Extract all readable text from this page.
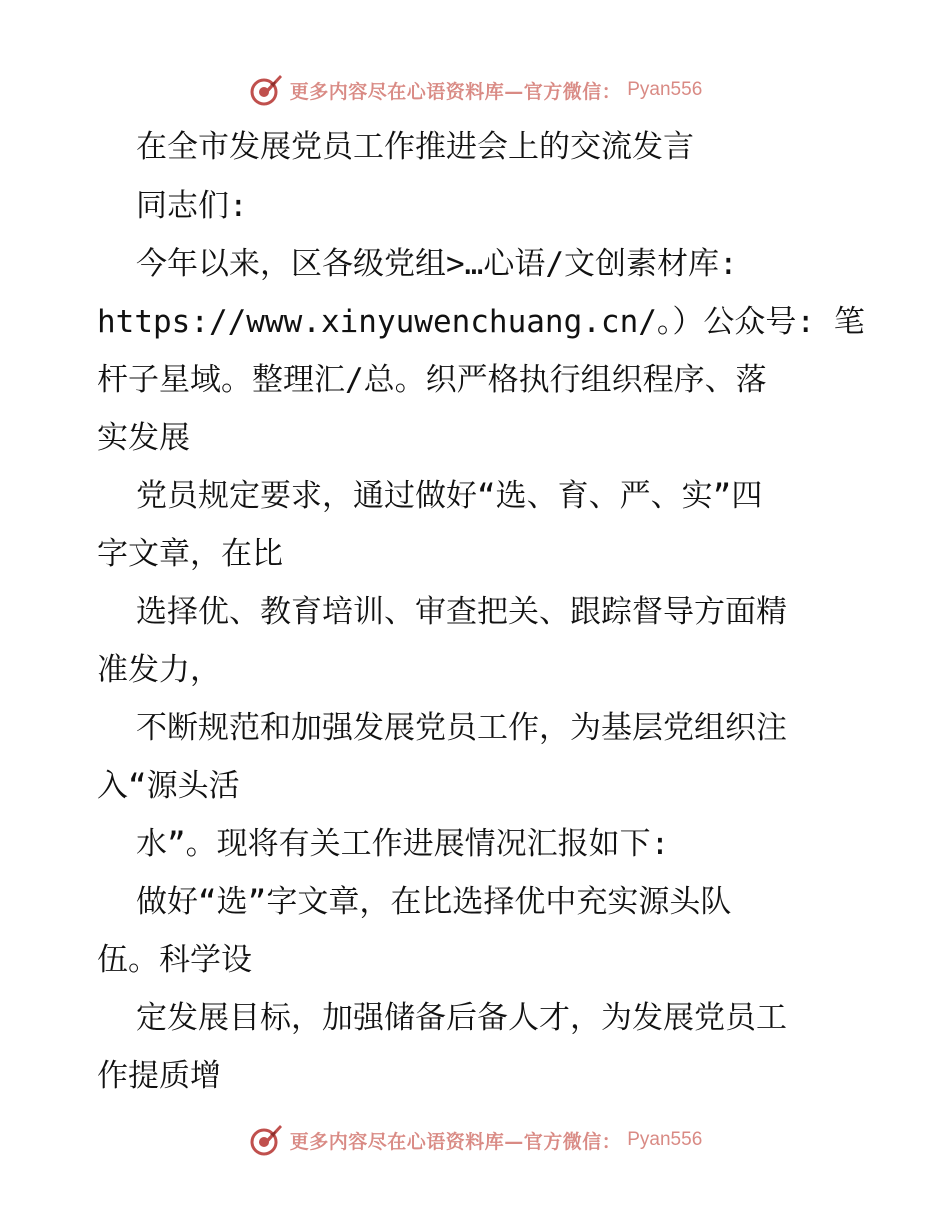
更多内容尽在心语资料库—官方微信： Pyan556
在全市发展党员工作推进会上的交流发言
同志们:
今年以来，区各级党组>…心语/文创素材库:
https://www.xinyuwenchuang.cn/。）公众号: 笔
杆子星域。整理汇/总。织严格执行组织程序、落
实发展
党员规定要求，通过做好“选、育、严、实”四
字文章，在比
选择优、教育培训、审查把关、跟踪督导方面精
准发力，
不断规范和加强发展党员工作，为基层党组织注
入“源头活
水”。现将有关工作进展情况汇报如下:
做好“选”字文章，在比选择优中充实源头队
伍。科学设
定发展目标，加强储备后备人才，为发展党员工
作提质增
更多内容尽在心语资料库—官方微信： Pyan556
